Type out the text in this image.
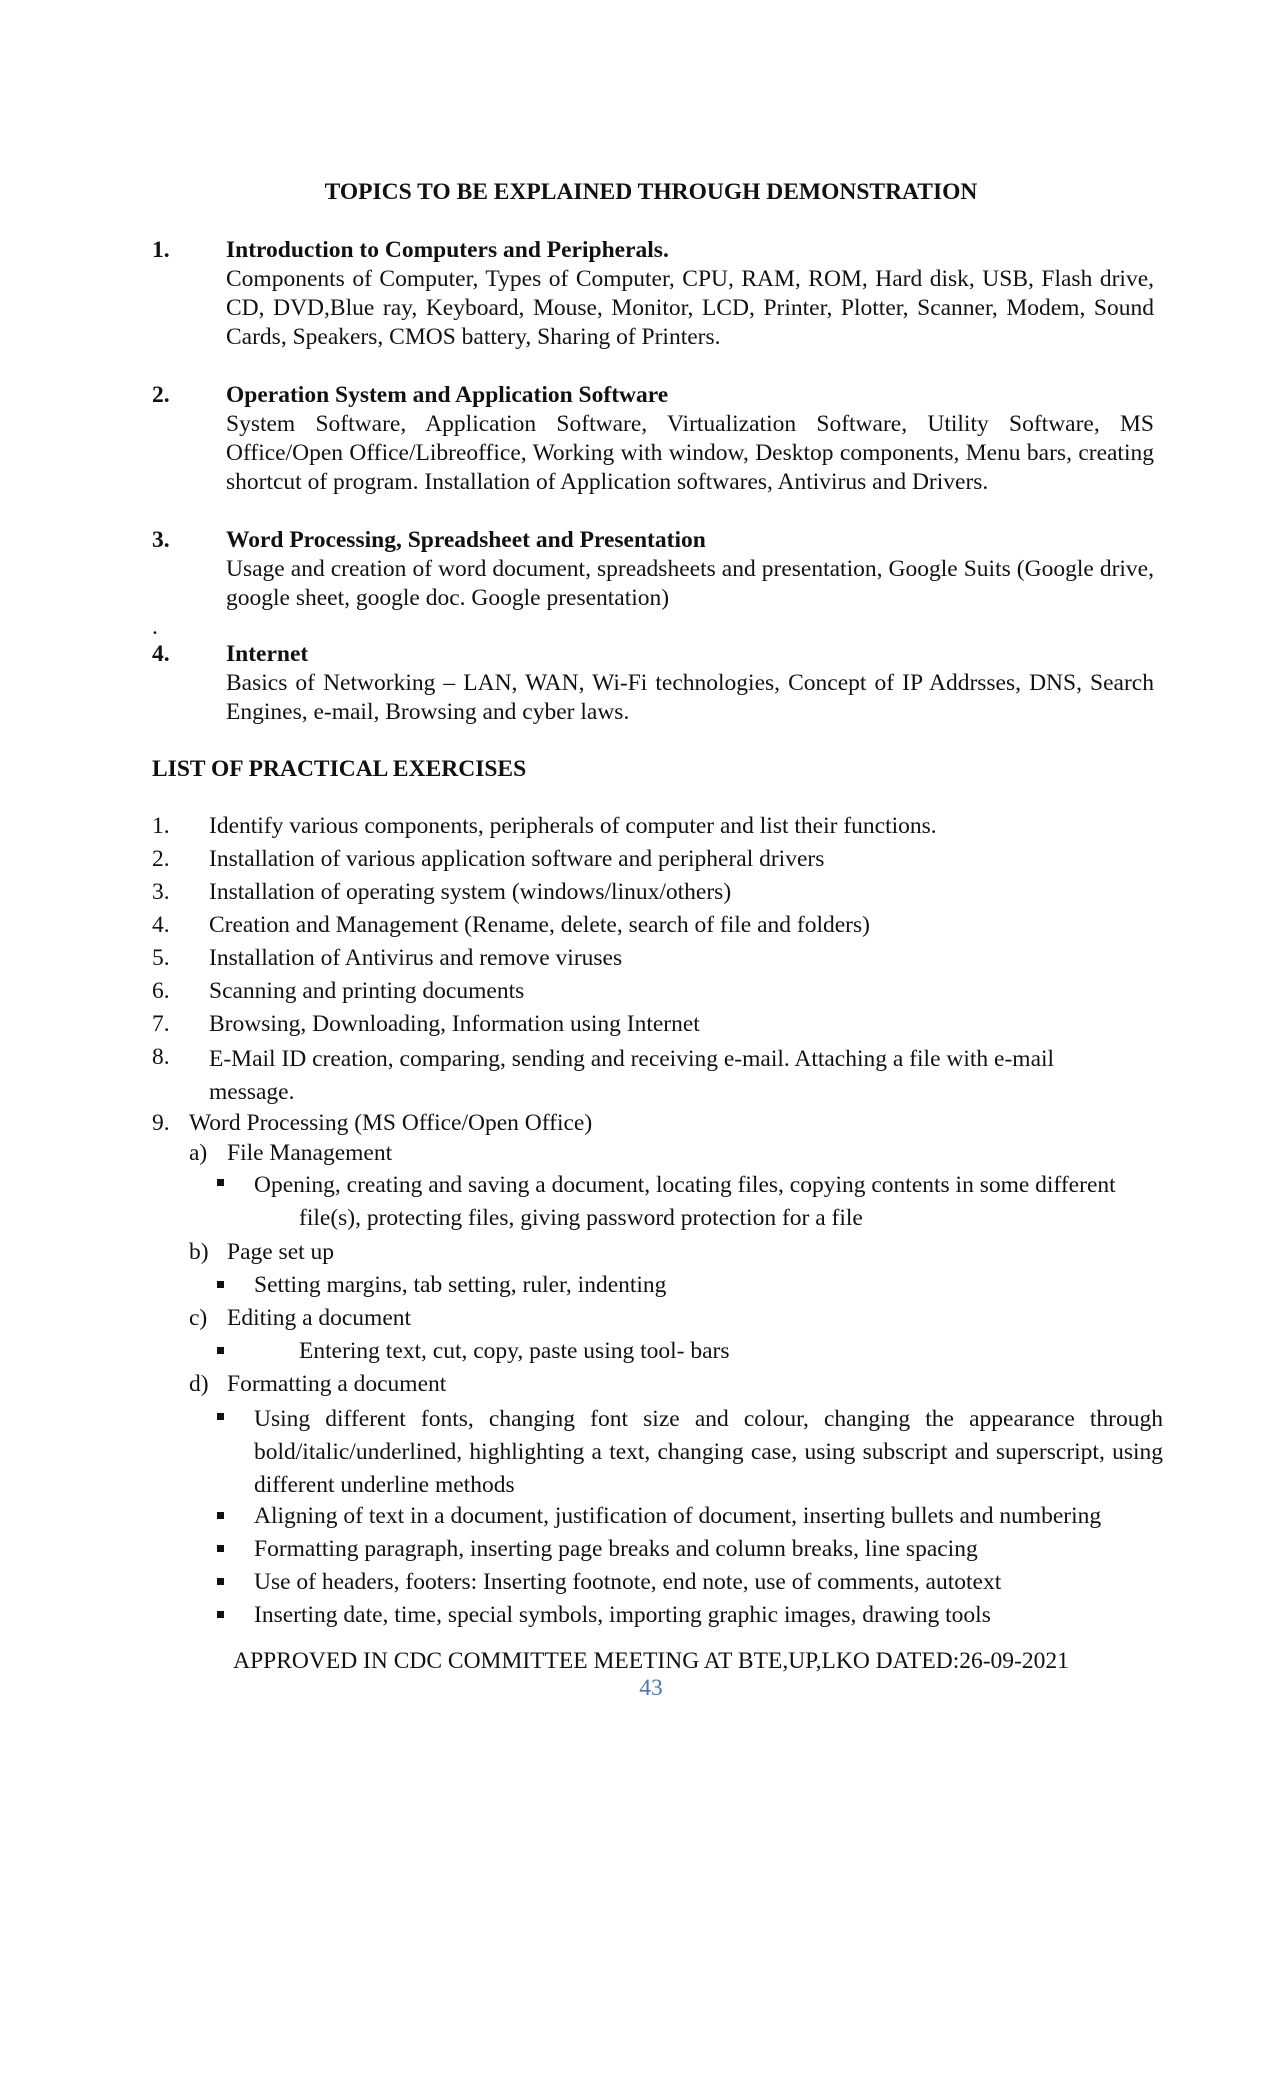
TOPICS TO BE EXPLAINED THROUGH DEMONSTRATION
1. Introduction to Computers and Peripherals.
Components of Computer, Types of Computer, CPU, RAM, ROM, Hard disk, USB, Flash drive, CD, DVD,Blue ray, Keyboard, Mouse, Monitor, LCD, Printer, Plotter, Scanner, Modem, Sound Cards, Speakers, CMOS battery, Sharing of Printers.
2. Operation System and Application Software
System Software, Application Software, Virtualization Software, Utility Software, MS Office/Open Office/Libreoffice, Working with window, Desktop components, Menu bars, creating shortcut of program. Installation of Application softwares, Antivirus and Drivers.
3. Word Processing, Spreadsheet and Presentation
Usage and creation of word document, spreadsheets and presentation, Google Suits (Google drive, google sheet, google doc. Google presentation)
.
4. Internet
Basics of Networking – LAN, WAN, Wi-Fi technologies, Concept of IP Addrsses, DNS, Search Engines, e-mail, Browsing and cyber laws.
LIST OF PRACTICAL EXERCISES
1. Identify various components, peripherals of computer and list their functions.
2. Installation of various application software and peripheral drivers
3. Installation of operating system (windows/linux/others)
4. Creation and Management (Rename, delete, search of file and folders)
5. Installation of Antivirus and remove viruses
6. Scanning and printing documents
7. Browsing, Downloading, Information using Internet
8. E-Mail ID creation, comparing, sending and receiving e-mail. Attaching a file with e-mail message.
9. Word Processing (MS Office/Open Office)
a) File Management
Opening, creating and saving a document, locating files, copying contents in some different
file(s), protecting files, giving password protection for a file
b) Page set up
Setting margins, tab setting, ruler, indenting
c) Editing a document
Entering text, cut, copy, paste using tool- bars
d) Formatting a document
Using different fonts, changing font size and colour, changing the appearance through bold/italic/underlined, highlighting a text, changing case, using subscript and superscript, using different underline methods
Aligning of text in a document, justification of document, inserting bullets and numbering
Formatting paragraph, inserting page breaks and column breaks, line spacing
Use of headers, footers: Inserting footnote, end note, use of comments, autotext
Inserting date, time, special symbols, importing graphic images, drawing tools
APPROVED IN CDC COMMITTEE MEETING AT BTE,UP,LKO DATED:26-09-2021
43
